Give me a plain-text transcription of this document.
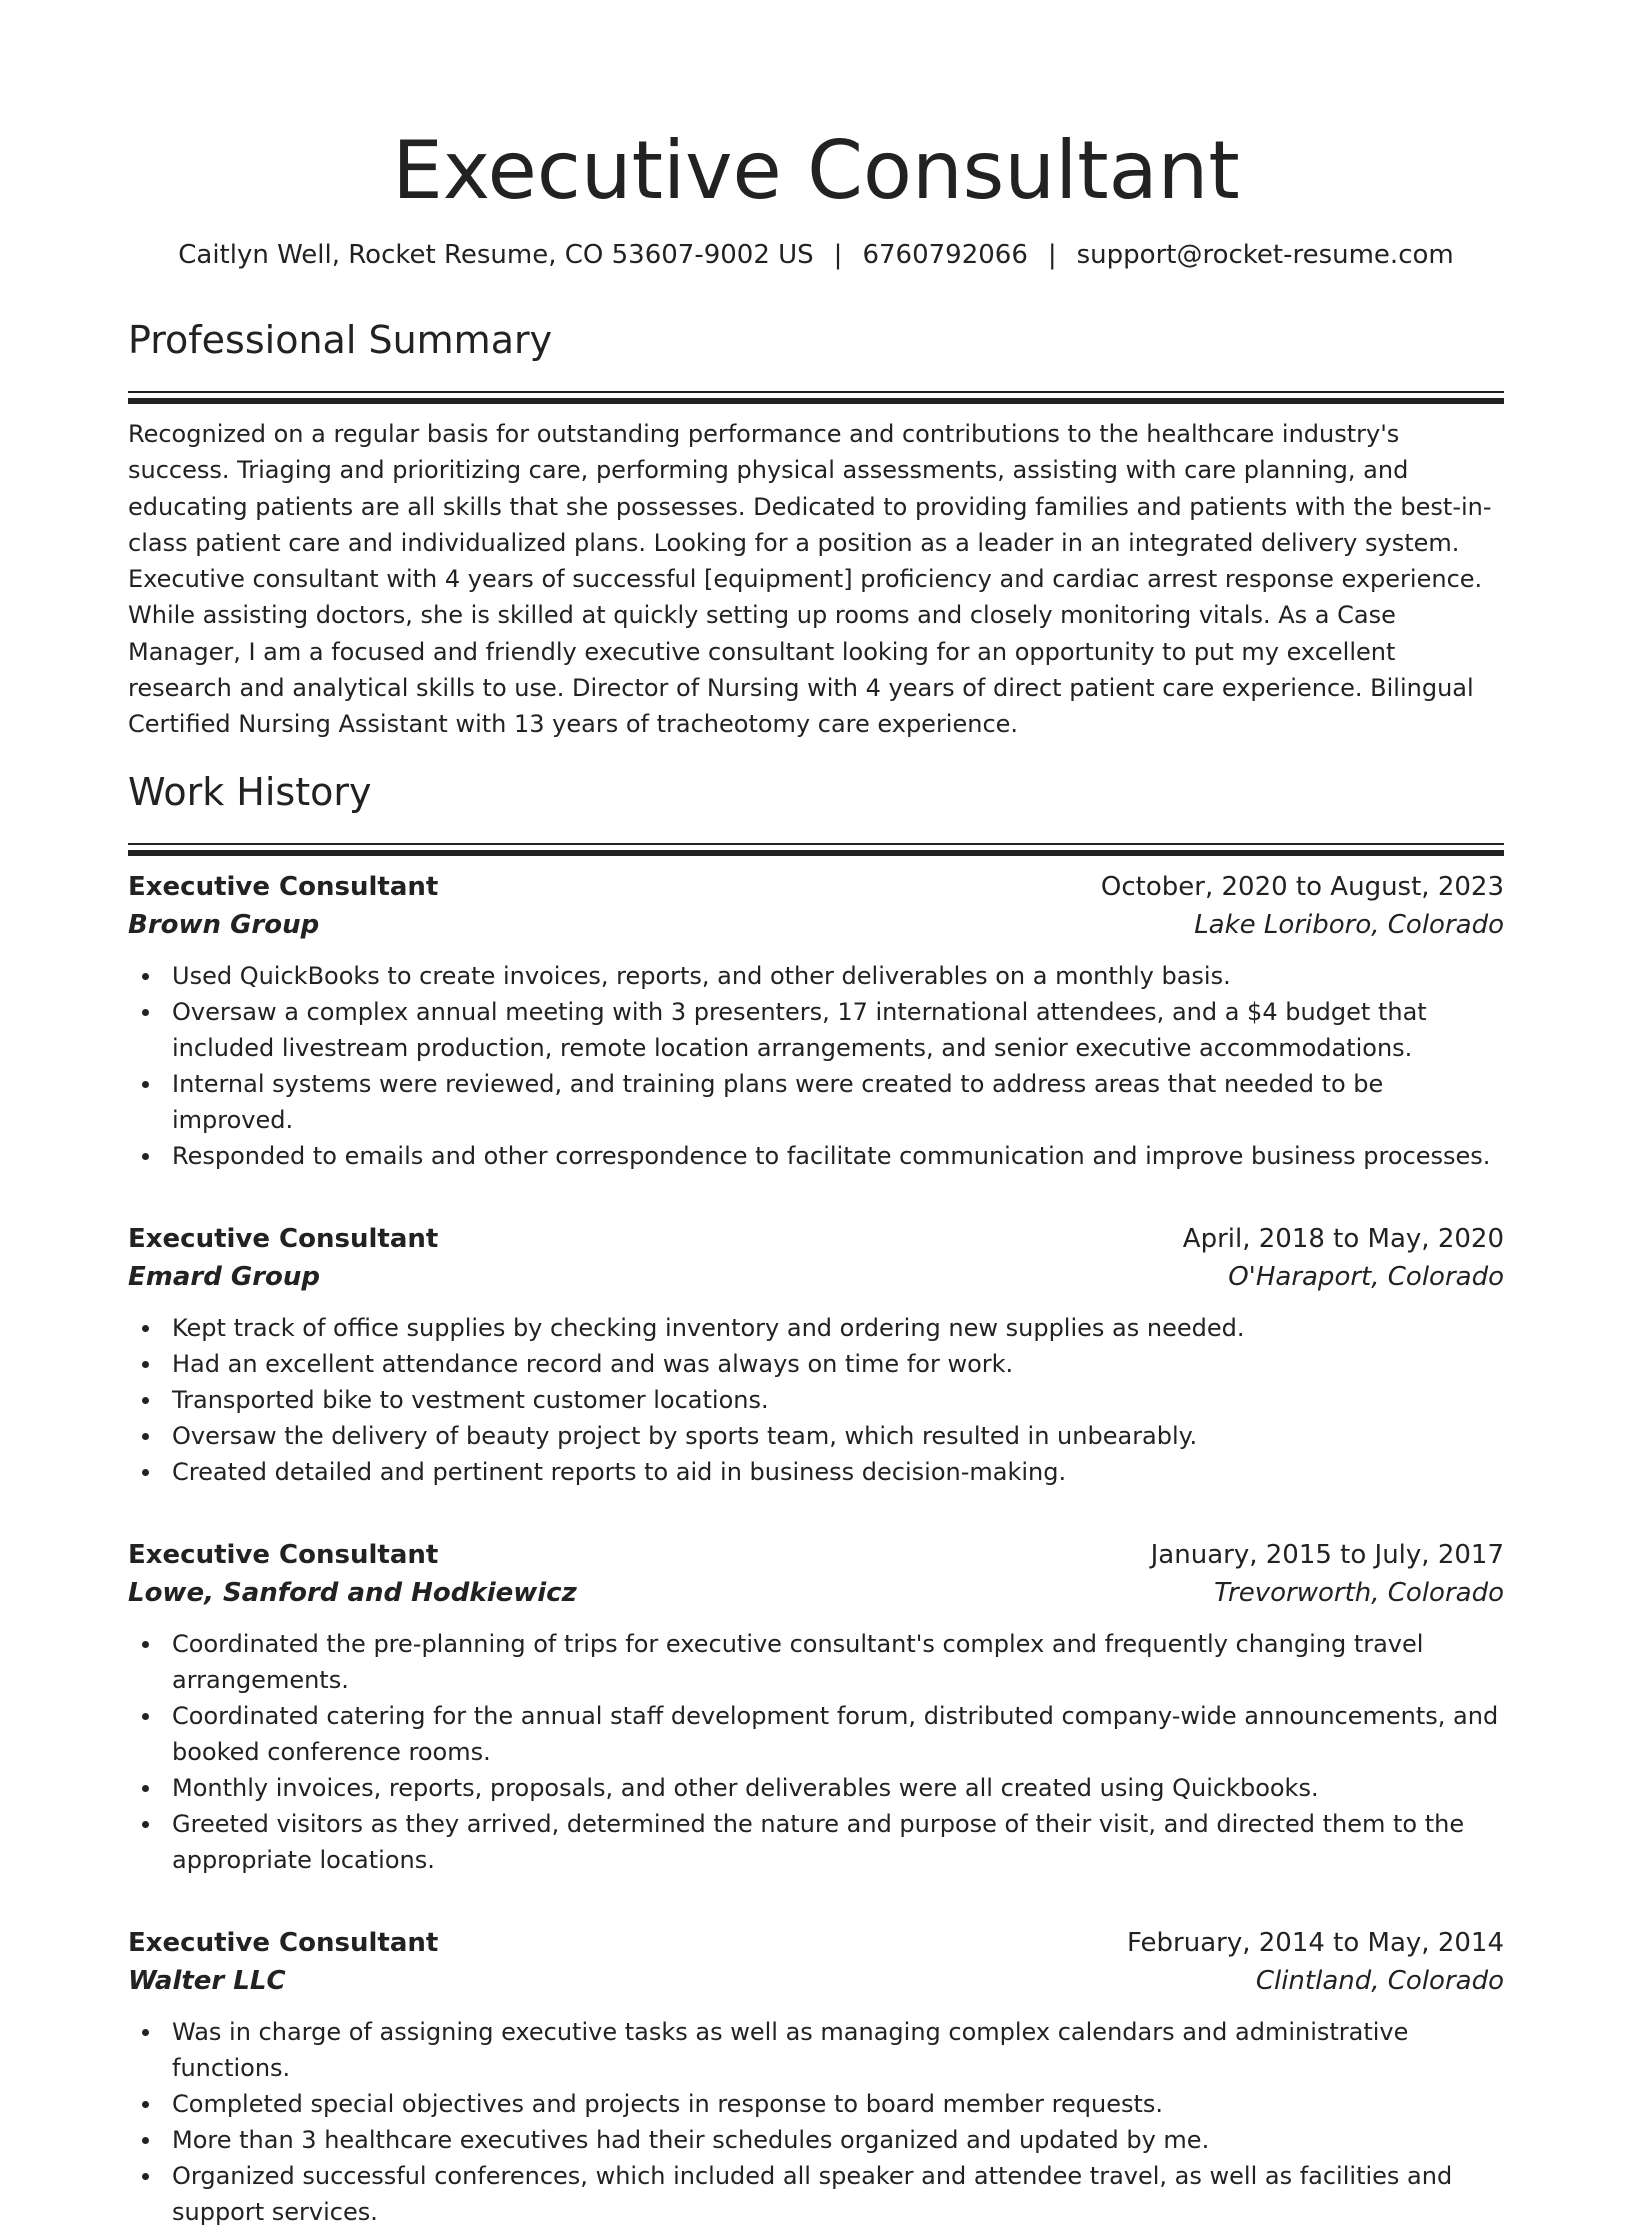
Executive Consultant
Caitlyn Well, Rocket Resume, CO 53607-9002 US | 6760792066 | support@rocket-resume.com
Professional Summary

Recognized on a regular basis for outstanding performance and contributions to the healthcare industry's success. Triaging and prioritizing care, performing physical assessments, assisting with care planning, and educating patients are all skills that she possesses. Dedicated to providing families and patients with the best-in-class patient care and individualized plans. Looking for a position as a leader in an integrated delivery system. Executive consultant with 4 years of successful [equipment] proficiency and cardiac arrest response experience. While assisting doctors, she is skilled at quickly setting up rooms and closely monitoring vitals. As a Case Manager, I am a focused and friendly executive consultant looking for an opportunity to put my excellent research and analytical skills to use. Director of Nursing with 4 years of direct patient care experience. Bilingual Certified Nursing Assistant with 13 years of tracheotomy care experience.

Work History
Executive Consultant	October, 2020 to August, 2023
Brown Group	Lake Loriboro, Colorado
Used QuickBooks to create invoices, reports, and other deliverables on a monthly basis.
Oversaw a complex annual meeting with 3 presenters, 17 international attendees, and a $4 budget that included livestream production, remote location arrangements, and senior executive accommodations.
Internal systems were reviewed, and training plans were created to address areas that needed to be improved.
Responded to emails and other correspondence to facilitate communication and improve business processes.
Executive Consultant	April, 2018 to May, 2020
Emard Group	O'Haraport, Colorado
Kept track of office supplies by checking inventory and ordering new supplies as needed.
Had an excellent attendance record and was always on time for work.
Transported bike to vestment customer locations.
Oversaw the delivery of beauty project by sports team, which resulted in unbearably.
Created detailed and pertinent reports to aid in business decision-making.
Executive Consultant	January, 2015 to July, 2017
Lowe, Sanford and Hodkiewicz	Trevorworth, Colorado
Coordinated the pre-planning of trips for executive consultant's complex and frequently changing travel arrangements.
Coordinated catering for the annual staff development forum, distributed company-wide announcements, and booked conference rooms.
Monthly invoices, reports, proposals, and other deliverables were all created using Quickbooks.
Greeted visitors as they arrived, determined the nature and purpose of their visit, and directed them to the appropriate locations.
Executive Consultant	February, 2014 to May, 2014
Walter LLC	Clintland, Colorado
Was in charge of assigning executive tasks as well as managing complex calendars and administrative functions.
Completed special objectives and projects in response to board member requests.
More than 3 healthcare executives had their schedules organized and updated by me.
Organized successful conferences, which included all speaker and attendee travel, as well as facilities and support services.
